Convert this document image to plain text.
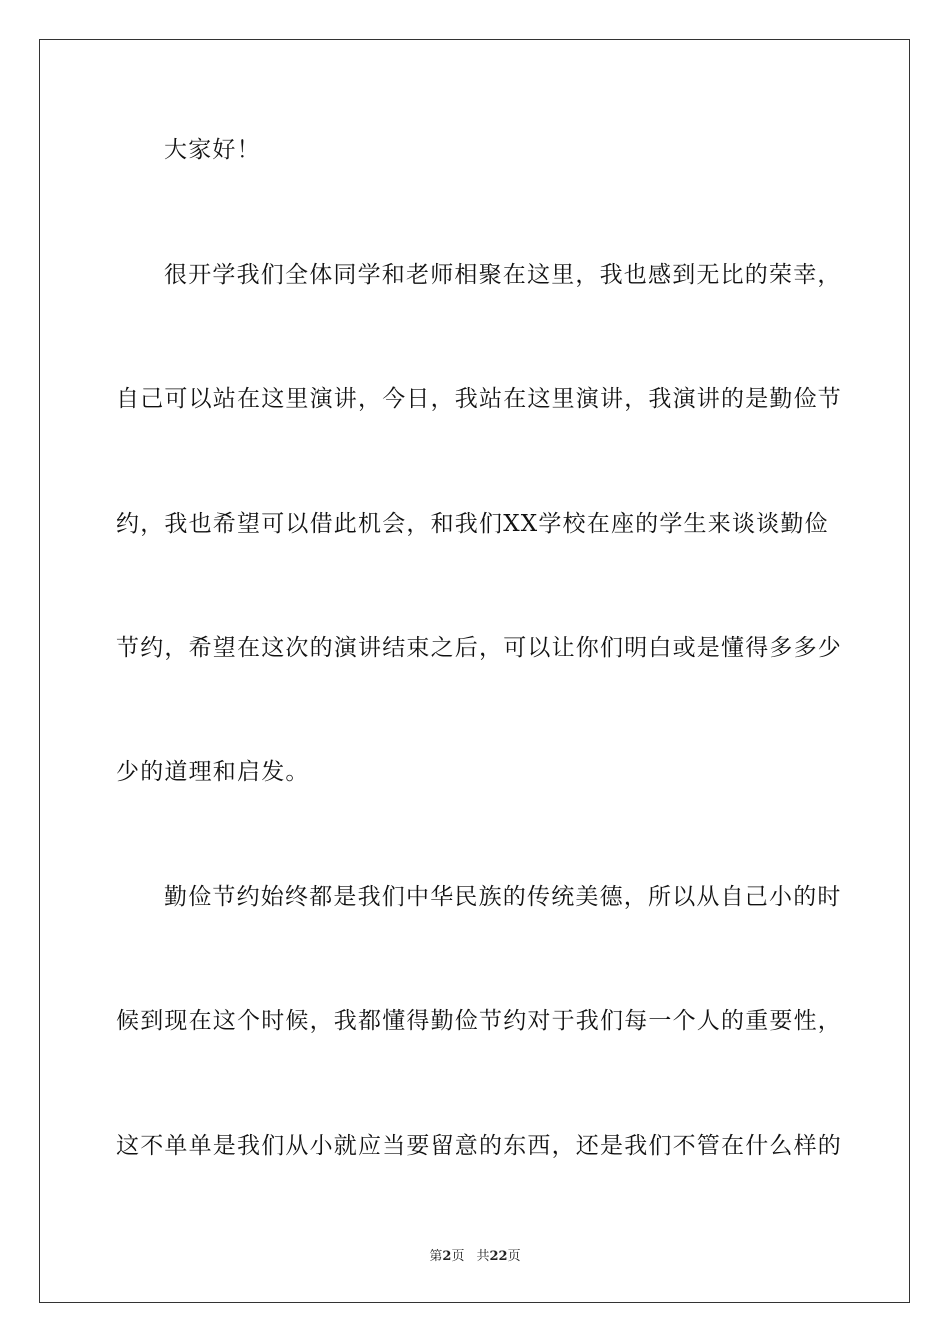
大家好！
很开学我们全体同学和老师相聚在这里，我也感到无比的荣幸，
自己可以站在这里演讲，今日，我站在这里演讲，我演讲的是勤俭节
约，我也希望可以借此机会，和我们XX学校在座的学生来谈谈勤俭
节约，希望在这次的演讲结束之后，可以让你们明白或是懂得多多少
少的道理和启发。
勤俭节约始终都是我们中华民族的传统美德，所以从自己小的时
候到现在这个时候，我都懂得勤俭节约对于我们每一个人的重要性，
这不单单是我们从小就应当要留意的东西，还是我们不管在什么样的
第2页 共22页
